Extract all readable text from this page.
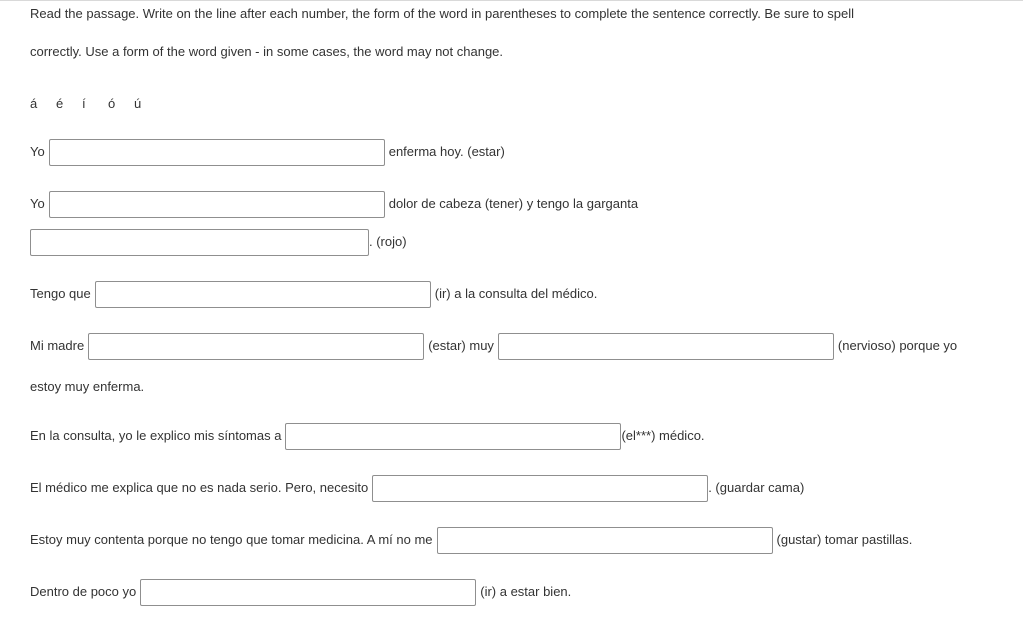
Read the passage. Write on the line after each number, the form of the word in parentheses to complete the sentence correctly. Be sure to spell
correctly. Use a form of the word given - in some cases, the word may not change.
á	é	í	ó	ú
Yo	enferma hoy. (estar)
Yo	dolor de cabeza (tener) y tengo la garganta
. (rojo)
Tengo que	(ir) a la consulta del médico.
Mi madre	(estar) muy	(nervioso) porque yo
estoy muy enferma.
En la consulta, yo le explico mis síntomas a	(el***) médico.
El médico me explica que no es nada serio. Pero, necesito	. (guardar cama)
Estoy muy contenta porque no tengo que tomar medicina. A mí no me	(gustar) tomar pastillas.
Dentro de poco yo	(ir) a estar bien.
